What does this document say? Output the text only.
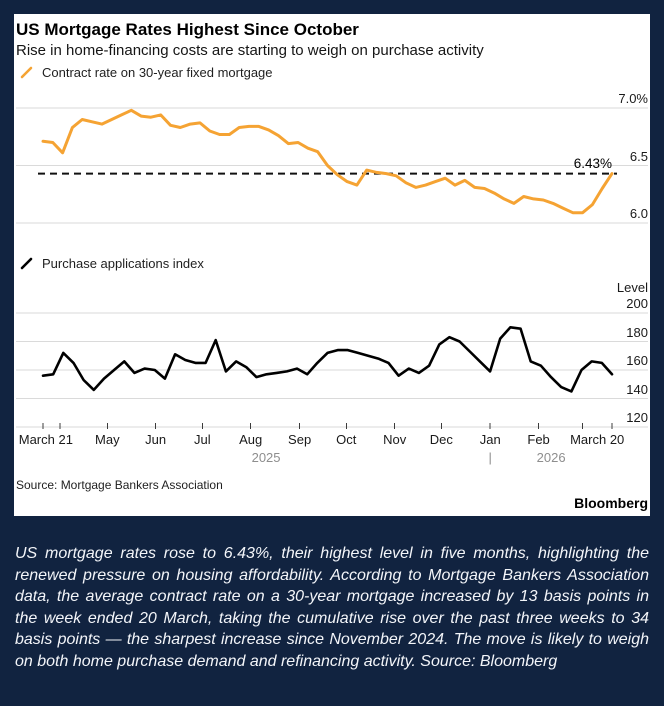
US Mortgage Rates Highest Since October
Rise in home-financing costs are starting to weigh on purchase activity
Contract rate on 30-year fixed mortgage
Purchase applications index
6.43%
Level
Source: Mortgage Bankers Association
Bloomberg
7.0%
6.5
6.0
200
180
160
140
120
March 21 May Jun Jul Aug Sep Oct Nov Dec Jan Feb March 20
2025	2026
|
US mortgage rates rose to 6.43%, their highest level in five months, highlighting the renewed pressure on housing affordability. According to Mortgage Bankers Association data, the average contract rate on a 30-year mortgage increased by 13 basis points in the week ended 20 March, taking the cumulative rise over the past three weeks to 34 basis points — the sharpest increase since November 2024. The move is likely to weigh on both home purchase demand and refinancing activity. Source: Bloomberg
